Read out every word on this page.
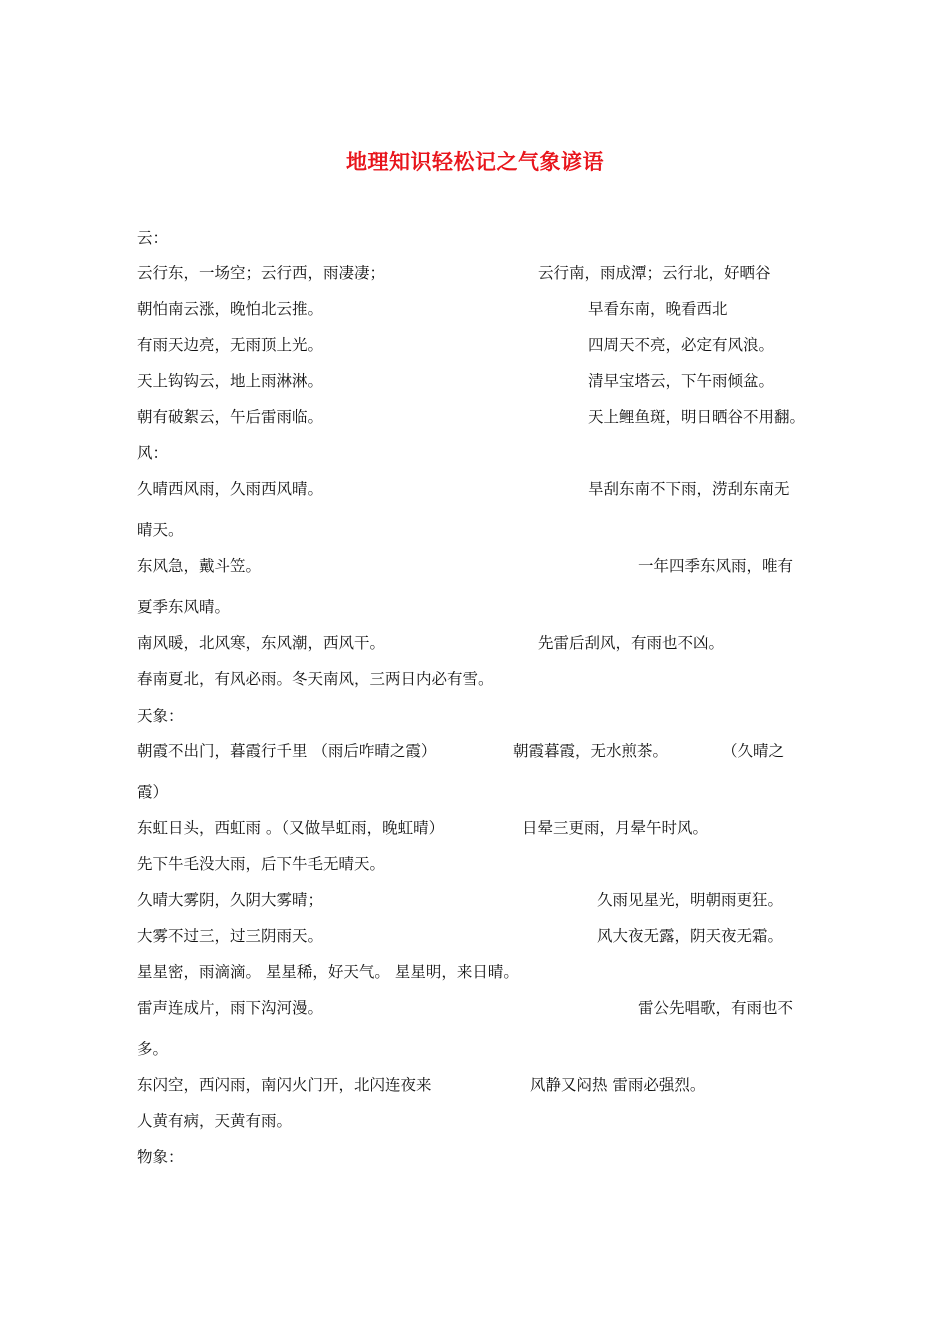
地理知识轻松记之气象谚语
云：
云行东，一场空；云行西，雨凄凄；	云行南，雨成潭；云行北，好晒谷
朝怕南云涨，晚怕北云推。	早看东南，晚看西北
有雨天边亮，无雨顶上光。	四周天不亮，必定有风浪。
天上钩钩云，地上雨淋淋。	清早宝塔云，下午雨倾盆。
朝有破絮云，午后雷雨临。	天上鲤鱼斑，明日晒谷不用翻。
风：
久晴西风雨，久雨西风晴。	旱刮东南不下雨，涝刮东南无
晴天。
东风急，戴斗笠。	一年四季东风雨，唯有
夏季东风晴。
南风暖，北风寒，东风潮，西风干。	先雷后刮风，有雨也不凶。
春南夏北，有风必雨。冬天南风，三两日内必有雪。
天象：
朝霞不出门，暮霞行千里 （雨后咋晴之霞）	朝霞暮霞，无水煎茶。	（久晴之
霞）
东虹日头，西虹雨 。（又做旱虹雨，晚虹晴）	日晕三更雨，月晕午时风。
先下牛毛没大雨，后下牛毛无晴天。
久晴大雾阴，久阴大雾晴；	久雨见星光，明朝雨更狂。
大雾不过三，过三阴雨天。	风大夜无露，阴天夜无霜。
星星密，雨滴滴。 星星稀，好天气。 星星明，来日晴。
雷声连成片，雨下沟河漫。	雷公先唱歌，有雨也不
多。
东闪空，西闪雨，南闪火门开，北闪连夜来	风静又闷热 雷雨必强烈。
人黄有病，天黄有雨。
物象：
